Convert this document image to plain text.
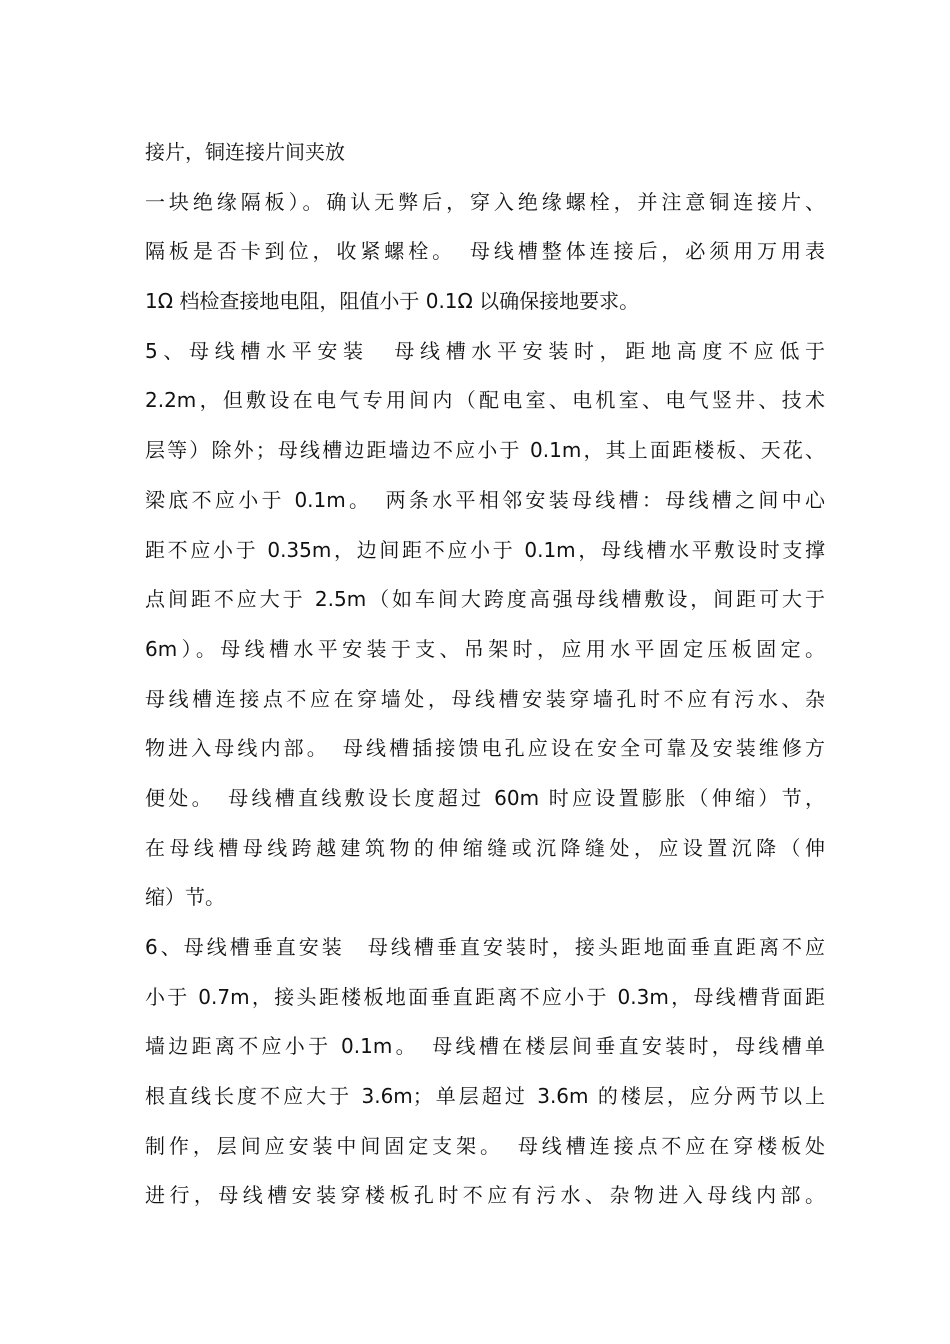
接片，铜连接片间夹放
一块绝缘隔板）。确认无弊后，穿入绝缘螺栓，并注意铜连接片、
隔板是否卡到位，收紧螺栓。　母线槽整体连接后，必须用万用表
1Ω 档检查接地电阻，阻值小于 0.1Ω 以确保接地要求。
5、母线槽水平安装　母线槽水平安装时，距地高度不应低于
2.2m，但敷设在电气专用间内（配电室、电机室、电气竖井、技术
层等）除外；母线槽边距墙边不应小于 0.1m，其上面距楼板、天花、
梁底不应小于 0.1m。　两条水平相邻安装母线槽：母线槽之间中心
距不应小于 0.35m，边间距不应小于 0.1m，母线槽水平敷设时支撑
点间距不应大于 2.5m（如车间大跨度高强母线槽敷设，间距可大于
6m）。母线槽水平安装于支、吊架时，应用水平固定压板固定。
母线槽连接点不应在穿墙处，母线槽安装穿墙孔时不应有污水、杂
物进入母线内部。　母线槽插接馈电孔应设在安全可靠及安装维修方
便处。　母线槽直线敷设长度超过 60m 时应设置膨胀（伸缩）节，
在母线槽母线跨越建筑物的伸缩缝或沉降缝处，应设置沉降（伸
缩）节。
6、母线槽垂直安装　母线槽垂直安装时，接头距地面垂直距离不应
小于 0.7m，接头距楼板地面垂直距离不应小于 0.3m，母线槽背面距
墙边距离不应小于 0.1m。　母线槽在楼层间垂直安装时，母线槽单
根直线长度不应大于 3.6m；单层超过 3.6m 的楼层，应分两节以上
制作，层间应安装中间固定支架。　母线槽连接点不应在穿楼板处
进行，母线槽安装穿楼板孔时不应有污水、杂物进入母线内部。
